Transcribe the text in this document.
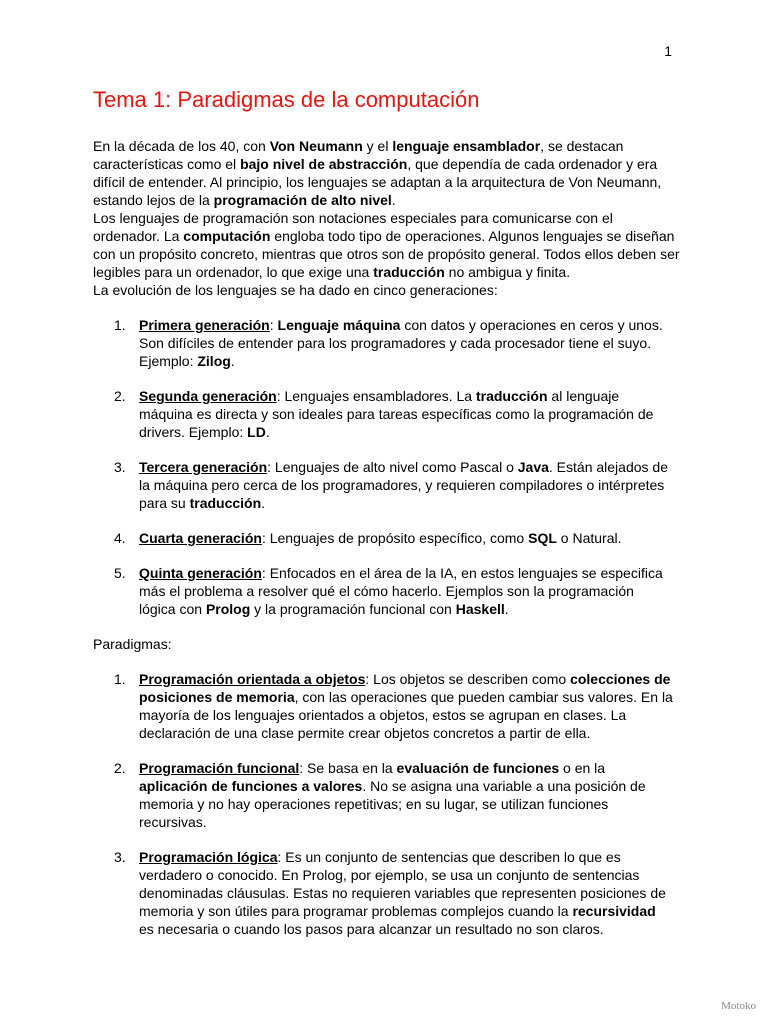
1
Tema 1: Paradigmas de la computación

En la década de los 40, con Von Neumann y el lenguaje ensamblador, se destacan características como el bajo nivel de abstracción, que dependía de cada ordenador y era difícil de entender. Al principio, los lenguajes se adaptan a la arquitectura de Von Neumann, estando lejos de la programación de alto nivel.

Los lenguajes de programación son notaciones especiales para comunicarse con el ordenador. La computación engloba todo tipo de operaciones. Algunos lenguajes se diseñan con un propósito concreto, mientras que otros son de propósito general. Todos ellos deben ser legibles para un ordenador, lo que exige una traducción no ambigua y finita.

La evolución de los lenguajes se ha dado en cinco generaciones:

1. Primera generación: Lenguaje máquina con datos y operaciones en ceros y unos. Son difíciles de entender para los programadores y cada procesador tiene el suyo. Ejemplo: Zilog.
2. Segunda generación: Lenguajes ensambladores. La traducción al lenguaje máquina es directa y son ideales para tareas específicas como la programación de drivers. Ejemplo: LD.
3. Tercera generación: Lenguajes de alto nivel como Pascal o Java. Están alejados de la máquina pero cerca de los programadores, y requieren compiladores o intérpretes para su traducción.
4. Cuarta generación: Lenguajes de propósito específico, como SQL o Natural.
5. Quinta generación: Enfocados en el área de la IA, en estos lenguajes se especifica más el problema a resolver qué el cómo hacerlo. Ejemplos son la programación lógica con Prolog y la programación funcional con Haskell.

Paradigmas:

1. Programación orientada a objetos: Los objetos se describen como colecciones de posiciones de memoria, con las operaciones que pueden cambiar sus valores. En la mayoría de los lenguajes orientados a objetos, estos se agrupan en clases. La declaración de una clase permite crear objetos concretos a partir de ella.
2. Programación funcional: Se basa en la evaluación de funciones o en la aplicación de funciones a valores. No se asigna una variable a una posición de memoria y no hay operaciones repetitivas; en su lugar, se utilizan funciones recursivas.
3. Programación lógica: Es un conjunto de sentencias que describen lo que es verdadero o conocido. En Prolog, por ejemplo, se usa un conjunto de sentencias denominadas cláusulas. Estas no requieren variables que representen posiciones de memoria y son útiles para programar problemas complejos cuando la recursividad es necesaria o cuando los pasos para alcanzar un resultado no son claros.
Motoko
